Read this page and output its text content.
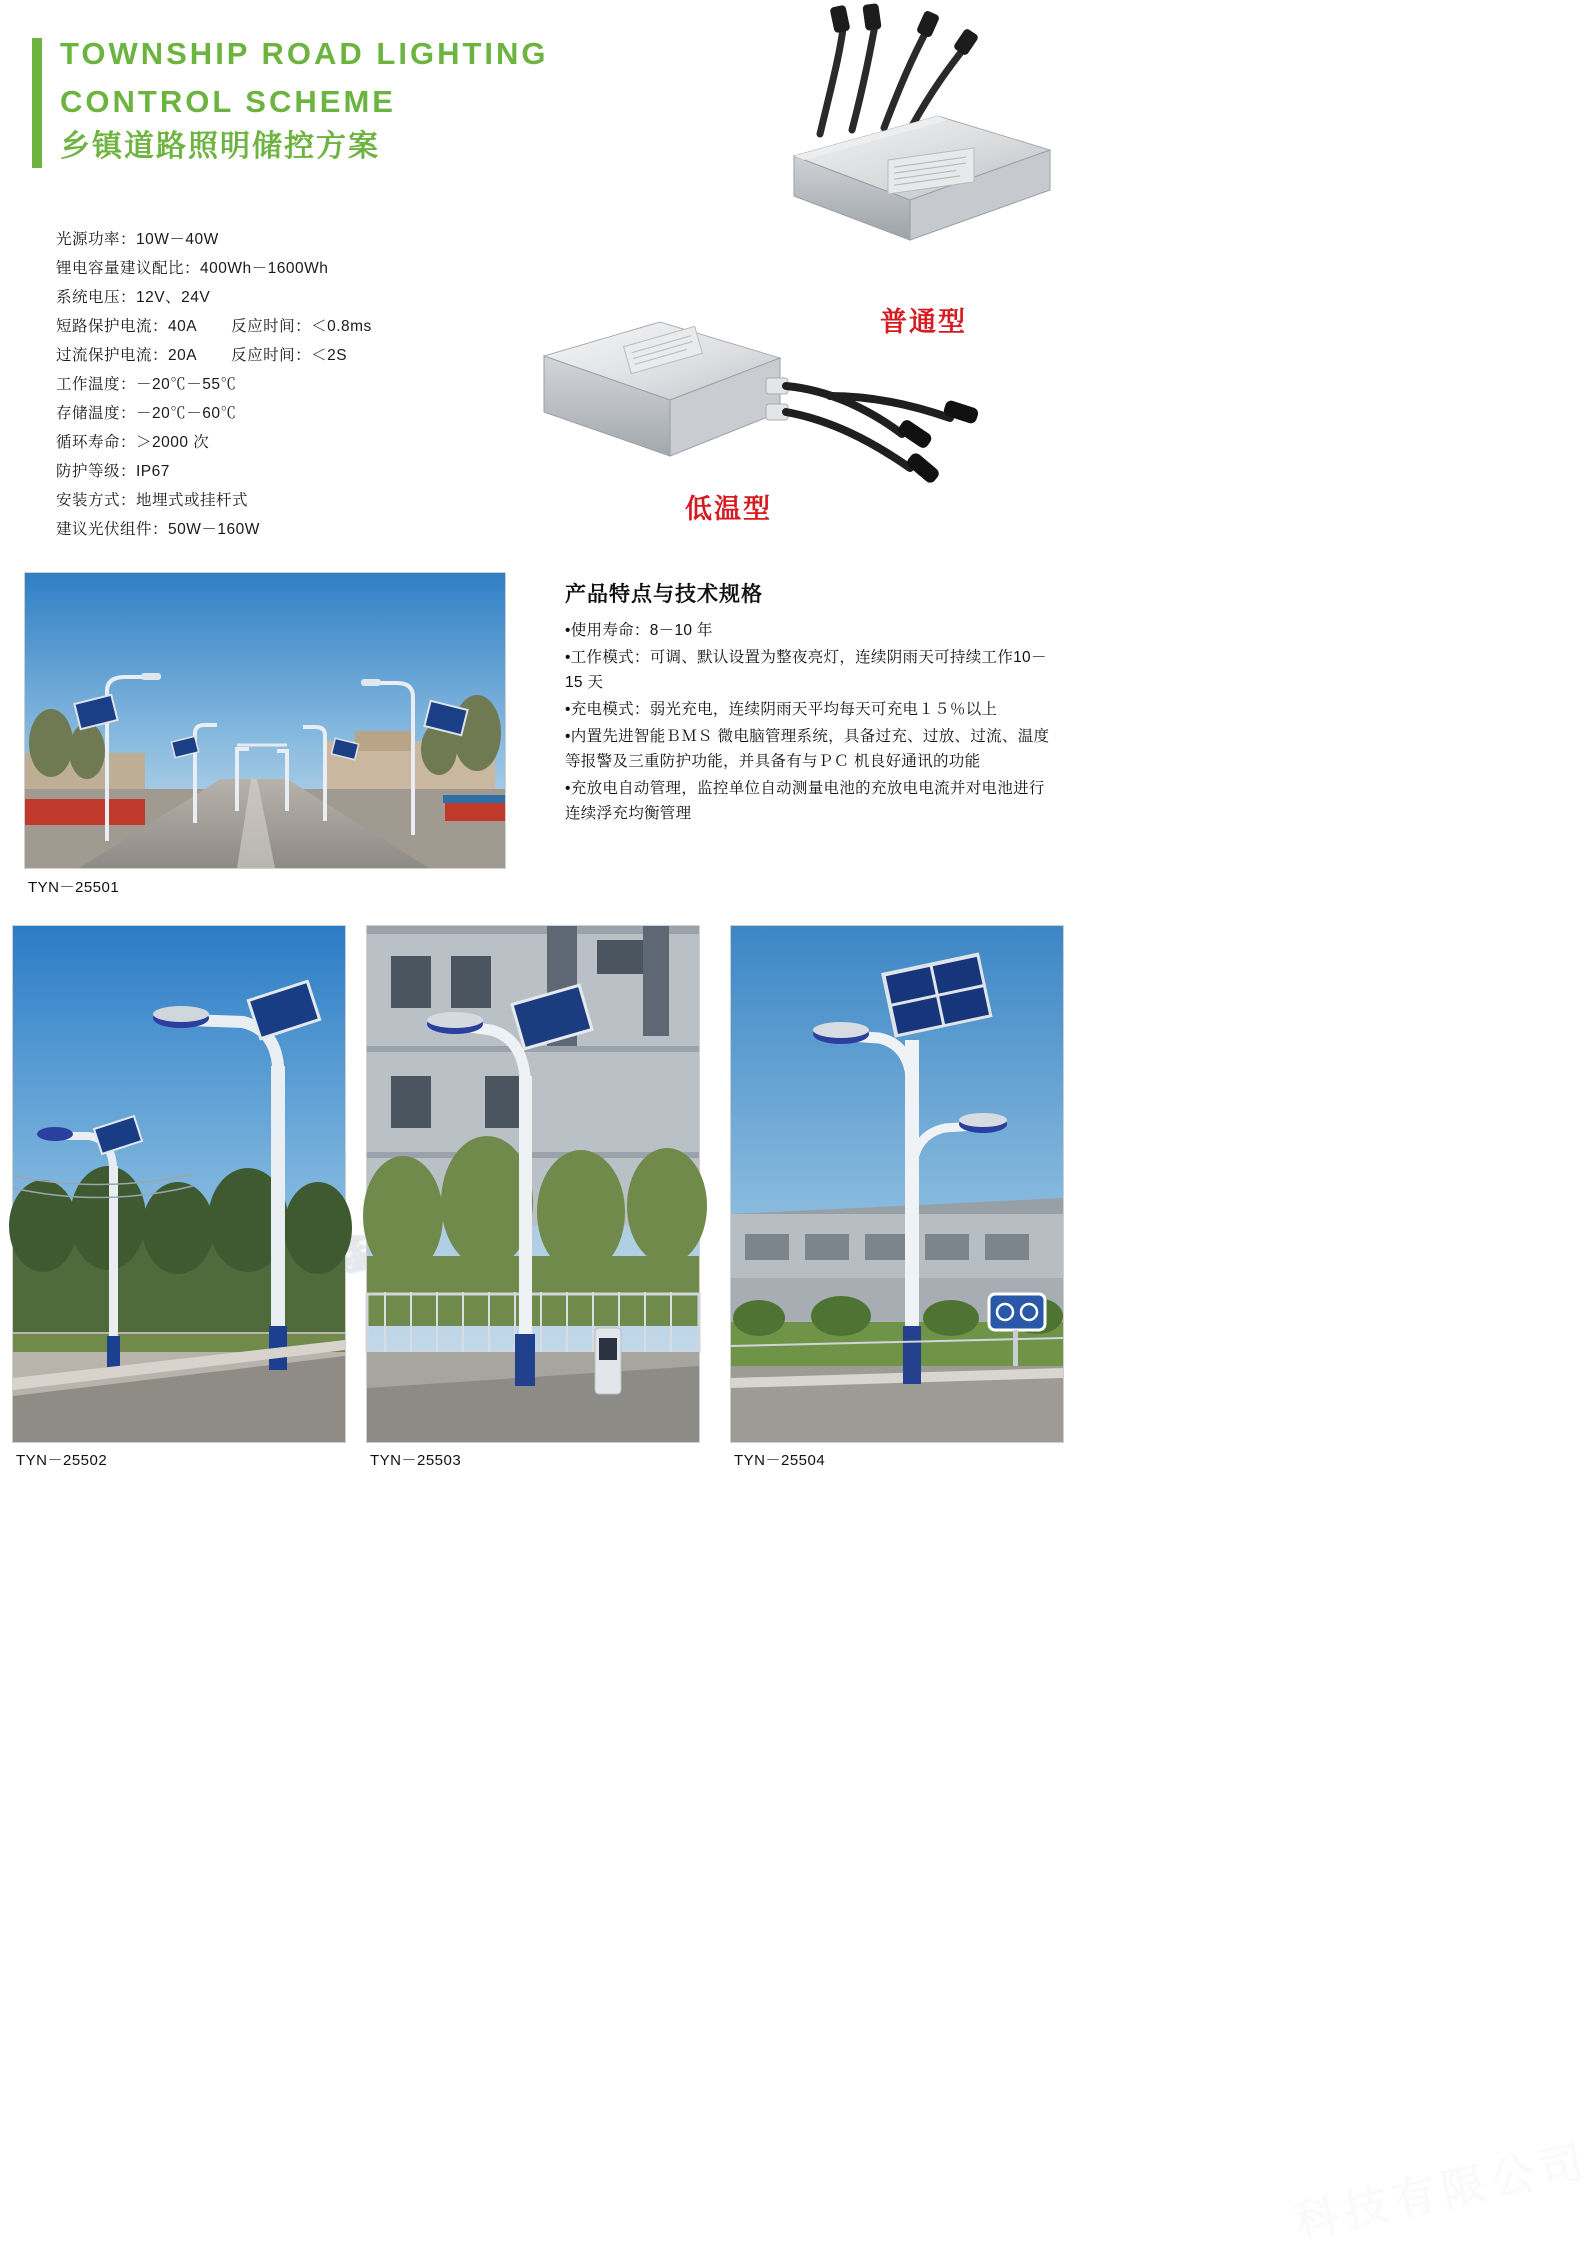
TOWNSHIP ROAD LIGHTING
CONTROL SCHEME
乡镇道路照明储控方案
光源功率：10W－40W
锂电容量建议配比：400Wh－1600Wh
系统电压：12V、24V
短路保护电流：40A 反应时间：＜0.8ms
过流保护电流：20A 反应时间：＜2S
工作温度：－20℃－55℃
存储温度：－20℃－60℃
循环寿命：＞2000 次
防护等级：IP67
安装方式：地埋式或挂杆式
建议光伏组件：50W－160W
普通型
低温型
产品特点与技术规格

•使用寿命：8－10 年

•工作模式：可调、默认设置为整夜亮灯，连续阴雨天可持续工作10－15 天

•充电模式：弱光充电，连续阴雨天平均每天可充电１５％以上

•内置先进智能ＢＭＳ 微电脑管理系统，具备过充、过放、过流、温度等报警及三重防护功能，并具备有与ＰＣ 机良好通讯的功能

•充放电自动管理，监控单位自动测量电池的充放电电流并对电池进行连续浮充均衡管理

TYN－25501
TYN－25502	TYN－25503
科技有限公司
TYN－25504
